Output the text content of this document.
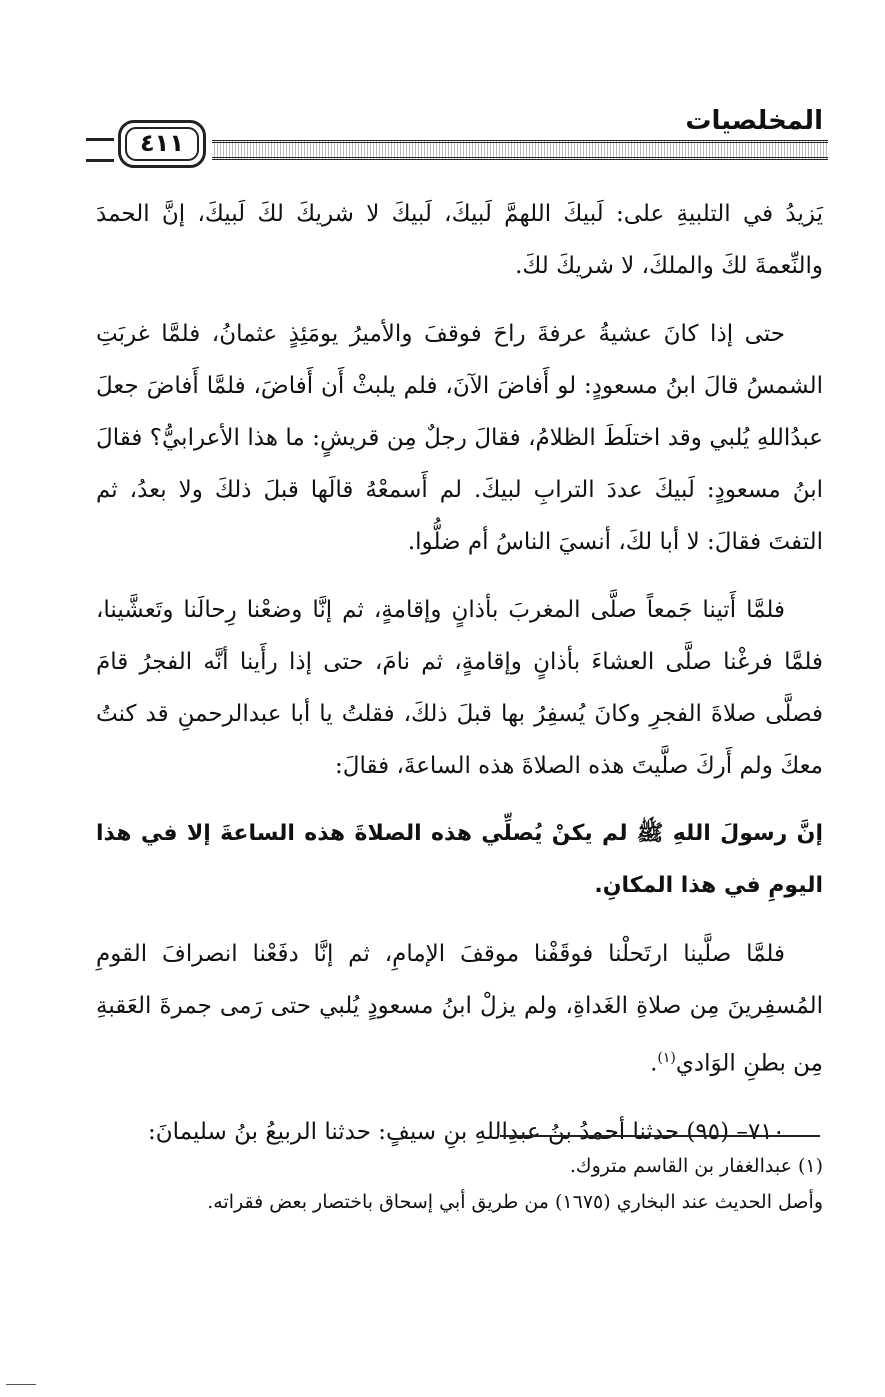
المخلصيات
٤١١

يَزيدُ في التلبيةِ على: لَبيكَ اللهمَّ لَبيكَ، لَبيكَ لا شريكَ لكَ لَبيكَ، إنَّ الحمدَ والنِّعمةَ لكَ والملكَ، لا شريكَ لكَ.

حتى إذا كانَ عشيةُ عرفةَ راحَ فوقفَ والأميرُ يومَئِذٍ عثمانُ، فلمَّا غربَتِ الشمسُ قالَ ابنُ مسعودٍ: لو أَفاضَ الآنَ، فلم يلبثْ أَن أَفاضَ، فلمَّا أَفاضَ جعلَ عبدُاللهِ يُلبي وقد اختلَطَ الظلامُ، فقالَ رجلٌ مِن قريشٍ: ما هذا الأعرابيُّ؟ فقالَ ابنُ مسعودٍ: لَبيكَ عددَ الترابِ لبيكَ. لم أَسمعْهُ قالَها قبلَ ذلكَ ولا بعدُ، ثم التفتَ فقالَ: لا أبا لكَ، أنسيَ الناسُ أم ضلُّوا.

فلمَّا أَتينا جَمعاً صلَّى المغربَ بأذانٍ وإقامةٍ، ثم إنَّا وضعْنا رِحالَنا وتَعشَّينا، فلمَّا فرغْنا صلَّى العشاءَ بأذانٍ وإقامةٍ، ثم نامَ، حتى إذا رأَينا أنَّه الفجرُ قامَ فصلَّى صلاةَ الفجرِ وكانَ يُسفِرُ بها قبلَ ذلكَ، فقلتُ يا أبا عبدالرحمنِ قد كنتُ معكَ ولم أَركَ صلَّيتَ هذه الصلاةَ هذه الساعةَ، فقالَ:

إنَّ رسولَ اللهِ ﷺ لم يكنْ يُصلِّي هذه الصلاةَ هذه الساعةَ إلا في هذا اليومِ في هذا المكانِ.

فلمَّا صلَّينا ارتَحلْنا فوقَفْنا موقفَ الإمامِ، ثم إنَّا دفَعْنا انصرافَ القومِ المُسفِرينَ مِن صلاةِ الغَداةِ، ولم يزلْ ابنُ مسعودٍ يُلبي حتى رَمى جمرةَ العَقبةِ مِن بطنِ الوَادي$^{(١)}$.

٧١٠– (٩٥) حدثنا أحمدُ بنُ عبدِاللهِ بنِ سيفٍ: حدثنا الربيعُ بنُ سليمانَ:

(١) عبدالغفار بن القاسم متروك.

وأصل الحديث عند البخاري (١٦٧٥) من طريق أبي إسحاق باختصار بعض فقراته.
